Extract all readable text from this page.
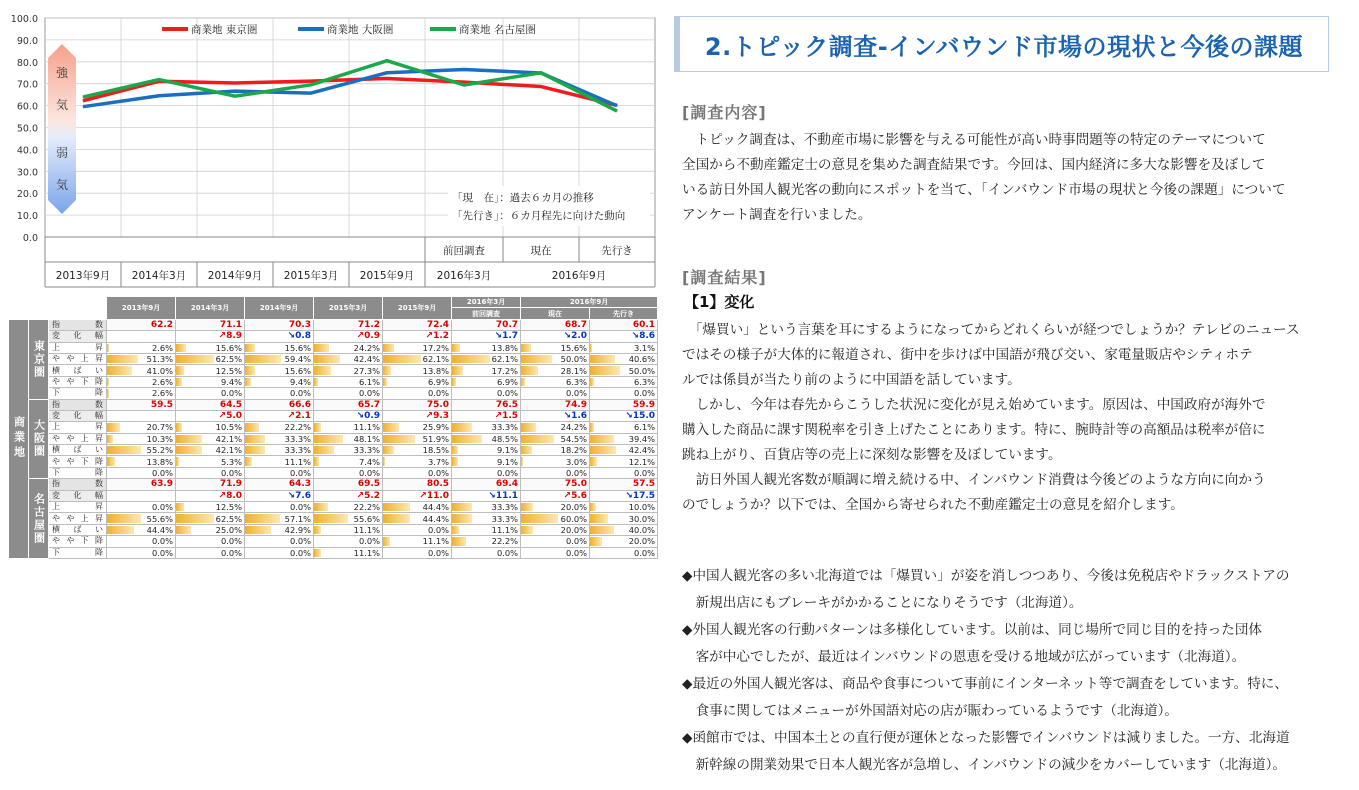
100.0
90.0
80.0
70.0
60.0
50.0
40.0
30.0
20.0
10.0
0.0
強
気
弱
気
商業地 東京圏	商業地 大阪圏	商業地 名古屋圏
「現　在」：過去６カ月の推移
「先行き」：６カ月程先に向けた動向
前回調査	現在	先行き
2013年9月 2014年3月 2014年9月 2015年3月 2015年9月 2016年3月	2016年9月
			2013年9月	2014年3月	2014年9月	2015年3月	2015年9月	2016年3月	2016年9月	
								前回調査	現在	先行き
商業地	東京圏	指　　数	62.2	71.1	70.3	71.2	72.4	70.7	68.7	60.1
		変 化 幅		↗8.9	↘0.8	↗0.9	↗1.2	↘1.7	↘2.0	↘8.6
		上　　昇	2.6%	15.6%	15.6%	24.2%	17.2%	13.8%	15.6%	3.1%
		や や 上 昇	51.3%	62.5%	59.4%	42.4%	62.1%	62.1%	50.0%	40.6%
		横　ば　い	41.0%	12.5%	15.6%	27.3%	13.8%	17.2%	28.1%	50.0%
		や や 下 降	2.6%	9.4%	9.4%	6.1%	6.9%	6.9%	6.3%	6.3%
		下　　降	2.6%	0.0%	0.0%	0.0%	0.0%	0.0%	0.0%	0.0%
	大阪圏	指　　数	59.5	64.5	66.6	65.7	75.0	76.5	74.9	59.9
		変 化 幅		↗5.0	↗2.1	↘0.9	↗9.3	↗1.5	↘1.6	↘15.0
		上　　昇	20.7%	10.5%	22.2%	11.1%	25.9%	33.3%	24.2%	6.1%
		や や 上 昇	10.3%	42.1%	33.3%	48.1%	51.9%	48.5%	54.5%	39.4%
		横　ば　い	55.2%	42.1%	33.3%	33.3%	18.5%	9.1%	18.2%	42.4%
		や や 下 降	13.8%	5.3%	11.1%	7.4%	3.7%	9.1%	3.0%	12.1%
		下　　降	0.0%	0.0%	0.0%	0.0%	0.0%	0.0%	0.0%	0.0%
	名古屋圏	指　　数	63.9	71.9	64.3	69.5	80.5	69.4	75.0	57.5
		変 化 幅		↗8.0	↘7.6	↗5.2	↗11.0	↘11.1	↗5.6	↘17.5
		上　　昇	0.0%	12.5%	0.0%	22.2%	44.4%	33.3%	20.0%	10.0%
		や や 上 昇	55.6%	62.5%	57.1%	55.6%	44.4%	33.3%	60.0%	30.0%
		横　ば　い	44.4%	25.0%	42.9%	11.1%	0.0%	11.1%	20.0%	40.0%
		や や 下 降	0.0%	0.0%	0.0%	0.0%	11.1%	22.2%	0.0%	20.0%
		下　　降	0.0%	0.0%	0.0%	11.1%	0.0%	0.0%	0.0%	0.0%
2.トピック調査-インバウンド市場の現状と今後の課題
[調査内容]
　トピック調査は、不動産市場に影響を与える可能性が高い時事問題等の特定のテーマについて
全国から不動産鑑定士の意見を集めた調査結果です。今回は、国内経済に多大な影響を及ぼして
いる訪日外国人観光客の動向にスポットを当て、「インバウンド市場の現状と今後の課題」について
アンケート調査を行いました。
[調査結果]
【1】変化
　「爆買い」という言葉を耳にするようになってからどれくらいが経つでしょうか？テレビのニュース
ではその様子が大体的に報道され、街中を歩けば中国語が飛び交い、家電量販店やシティホテ
ルでは係員が当たり前のように中国語を話しています。
　しかし、今年は春先からこうした状況に変化が見え始めています。原因は、中国政府が海外で
購入した商品に課す関税率を引き上げたことにあります。特に、腕時計等の高額品は税率が倍に
跳ね上がり、百貨店等の売上に深刻な影響を及ぼしています。
　訪日外国人観光客数が順調に増え続ける中、インバウンド消費は今後どのような方向に向かう
のでしょうか？以下では、全国から寄せられた不動産鑑定士の意見を紹介します。
◆中国人観光客の多い北海道では「爆買い」が姿を消しつつあり、今後は免税店やドラックストアの
　新規出店にもブレーキがかかることになりそうです（北海道）。
◆外国人観光客の行動パターンは多様化しています。以前は、同じ場所で同じ目的を持った団体
　客が中心でしたが、最近はインバウンドの恩恵を受ける地域が広がっています（北海道）。
◆最近の外国人観光客は、商品や食事について事前にインターネット等で調査をしています。特に、
　食事に関してはメニューが外国語対応の店が賑わっているようです（北海道）。
◆函館市では、中国本土との直行便が運休となった影響でインバウンドは減りました。一方、北海道
　新幹線の開業効果で日本人観光客が急増し、インバウンドの減少をカバーしています（北海道）。
